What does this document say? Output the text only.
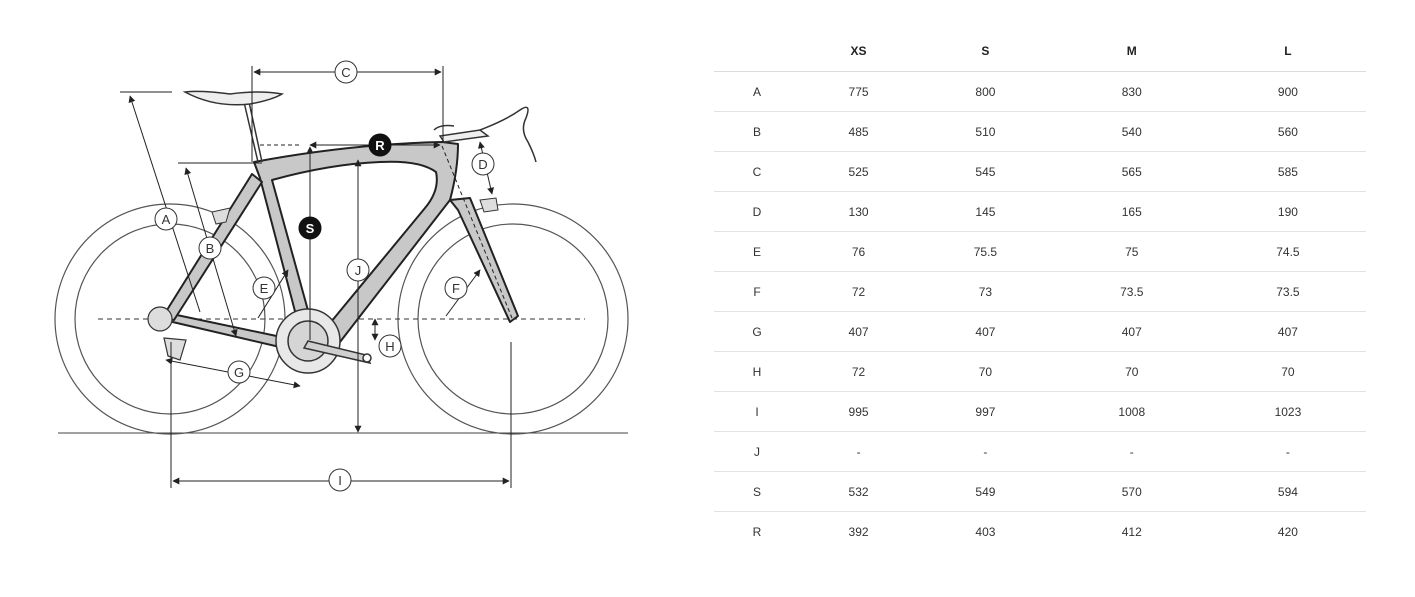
A
B
C
D
E	F
G
H
I
J
S
R
	XS	S	M	L
A	775	800	830	900
B	485	510	540	560
C	525	545	565	585
D	130	145	165	190
E	76	75.5	75	74.5
F	72	73	73.5	73.5
G	407	407	407	407
H	72	70	70	70
I	995	997	1008	1023
J	-	-	-	-
S	532	549	570	594
R	392	403	412	420
